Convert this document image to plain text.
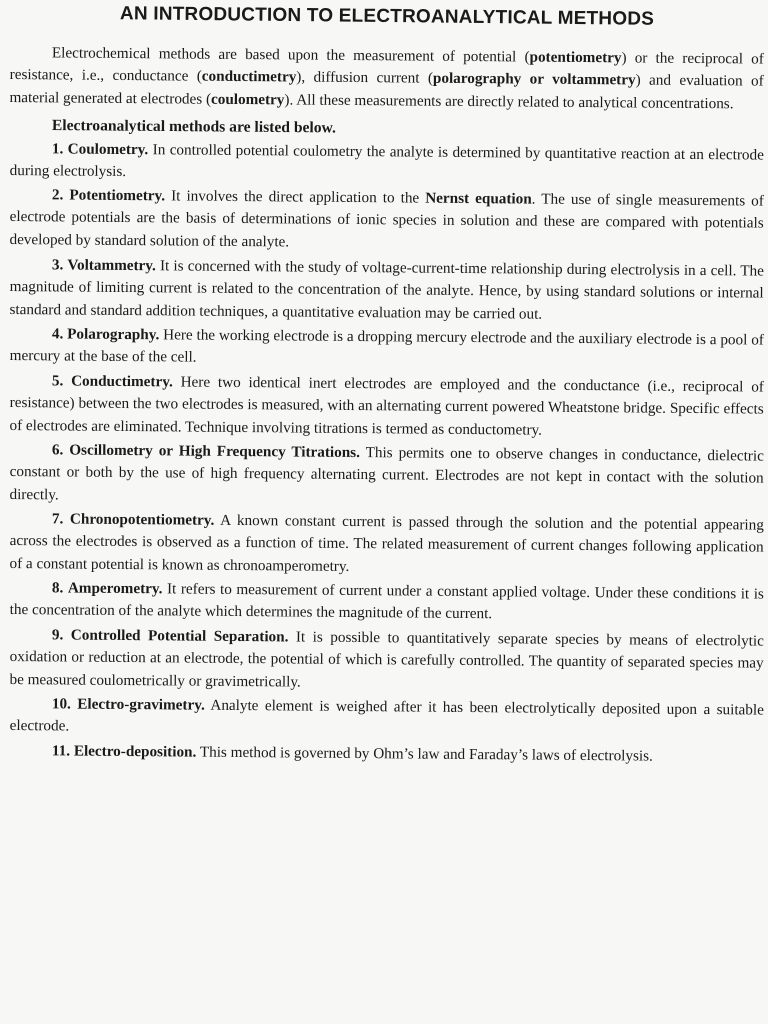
AN INTRODUCTION TO ELECTROANALYTICAL METHODS

Electrochemical methods are based upon the measurement of potential (potentiometry) or the reciprocal of resistance, i.e., conductance (conductimetry), diffusion current (polarography or voltammetry) and evaluation of material generated at electrodes (coulometry). All these measurements are directly related to analytical concentrations.

Electroanalytical methods are listed below.

1. Coulometry. In controlled potential coulometry the analyte is determined by quantitative reaction at an electrode during electrolysis.

2. Potentiometry. It involves the direct application to the Nernst equation. The use of single measurements of electrode potentials are the basis of determinations of ionic species in solution and these are compared with potentials developed by standard solution of the analyte.

3. Voltammetry. It is concerned with the study of voltage-current-time relationship during electrolysis in a cell. The magnitude of limiting current is related to the concentration of the analyte. Hence, by using standard solutions or internal standard and standard addition techniques, a quantitative evaluation may be carried out.

4. Polarography. Here the working electrode is a dropping mercury electrode and the auxiliary electrode is a pool of mercury at the base of the cell.

5. Conductimetry. Here two identical inert electrodes are employed and the conductance (i.e., reciprocal of resistance) between the two electrodes is measured, with an alternating current powered Wheatstone bridge. Specific effects of electrodes are eliminated. Technique involving titrations is termed as conductometry.

6. Oscillometry or High Frequency Titrations. This permits one to observe changes in conductance, dielectric constant or both by the use of high frequency alternating current. Electrodes are not kept in contact with the solution directly.

7. Chronopotentiometry. A known constant current is passed through the solution and the potential appearing across the electrodes is observed as a function of time. The related measurement of current changes following application of a constant potential is known as chronoamperometry.

8. Amperometry. It refers to measurement of current under a constant applied voltage. Under these conditions it is the concentration of the analyte which determines the magnitude of the current.

9. Controlled Potential Separation. It is possible to quantitatively separate species by means of electrolytic oxidation or reduction at an electrode, the potential of which is carefully controlled. The quantity of separated species may be measured coulometrically or gravimetrically.

10. Electro-gravimetry. Analyte element is weighed after it has been electrolytically deposited upon a suitable electrode.

11. Electro-deposition. This method is governed by Ohm’s law and Faraday’s laws of electrolysis.
